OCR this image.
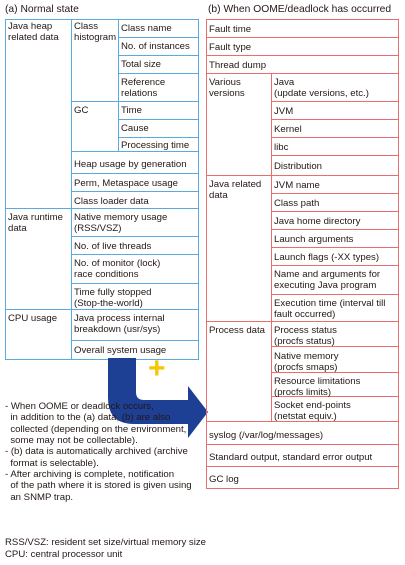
(a) Normal state
Java heap
related data
Class
histogram
Class name
No. of instances
Total size
Reference
relations
GC	Time
Cause
Processing time
Heap usage by generation
Perm, Metaspace usage
Class loader data
Java runtime
data
Native memory usage
(RSS/VSZ)
No. of live threads
No. of monitor (lock)
race conditions
Time fully stopped
(Stop-the-world)
CPU usage	Java process internal
breakdown (usr/sys)
Overall system usage
+
(b) When OOME/deadlock has occurred
Fault time
Fault type
Thread dump
Various
versions
Java
(update versions, etc.)
JVM
Kernel
libc
Distribution
Java related
data
JVM name
Class path
Java home directory
Launch arguments
Launch flags (-XX types)
Name and arguments for
executing Java program
Execution time (interval till
fault occurred)
Process data Process status
(procfs status)
Native memory
(procfs smaps)
Resource limitations
(procfs limits)
Socket end-points
(netstat equiv.)
syslog (/var/log/messages)
Standard output, standard error output
GC log
- When OOME or deadlock occurs,
in addition to the (a) data, (b) are also
collected (depending on the environment,
some may not be collectable).
- (b) data is automatically archived (archive
format is selectable).
- After archiving is complete, notification
of the path where it is stored is given using
an SNMP trap.
RSS/VSZ: resident set size/virtual memory size
CPU: central processor unit
